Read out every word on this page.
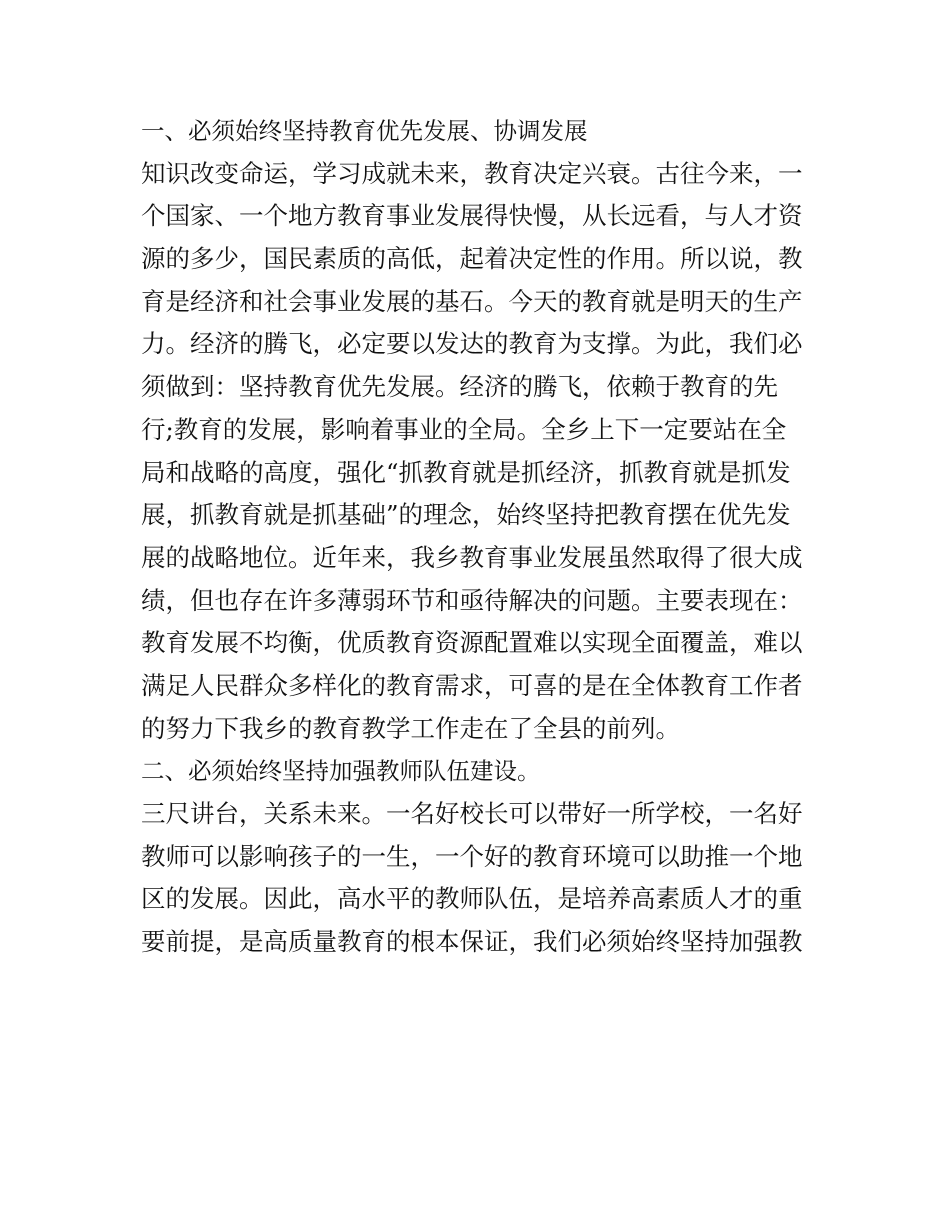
一、必须始终坚持教育优先发展、协调发展
知识改变命运，学习成就未来，教育决定兴衰。古往今来，一
个国家、一个地方教育事业发展得快慢，从长远看，与人才资
源的多少，国民素质的高低，起着决定性的作用。所以说，教
育是经济和社会事业发展的基石。今天的教育就是明天的生产
力。经济的腾飞，必定要以发达的教育为支撑。为此，我们必
须做到：坚持教育优先发展。经济的腾飞，依赖于教育的先
行;教育的发展，影响着事业的全局。全乡上下一定要站在全
局和战略的高度，强化“抓教育就是抓经济，抓教育就是抓发
展，抓教育就是抓基础”的理念，始终坚持把教育摆在优先发
展的战略地位。近年来，我乡教育事业发展虽然取得了很大成
绩，但也存在许多薄弱环节和亟待解决的问题。主要表现在：
教育发展不均衡，优质教育资源配置难以实现全面覆盖，难以
满足人民群众多样化的教育需求，可喜的是在全体教育工作者
的努力下我乡的教育教学工作走在了全县的前列。
二、必须始终坚持加强教师队伍建设。
三尺讲台，关系未来。一名好校长可以带好一所学校，一名好
教师可以影响孩子的一生，一个好的教育环境可以助推一个地
区的发展。因此，高水平的教师队伍，是培养高素质人才的重
要前提，是高质量教育的根本保证，我们必须始终坚持加强教
